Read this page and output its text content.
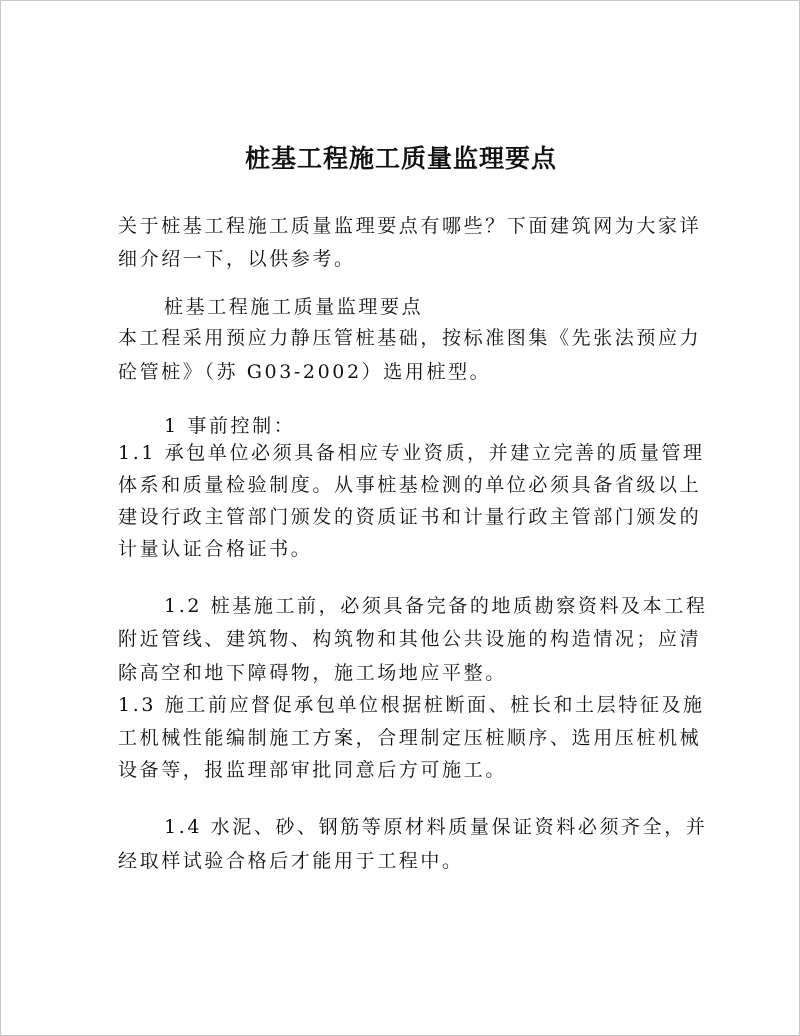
桩基工程施工质量监理要点
关于桩基工程施工质量监理要点有哪些？下面建筑网为大家详
细介绍一下，以供参考。
桩基工程施工质量监理要点
本工程采用预应力静压管桩基础，按标准图集《先张法预应力
砼管桩》（苏 G03-2002）选用桩型。
1 事前控制：
1.1 承包单位必须具备相应专业资质，并建立完善的质量管理
体系和质量检验制度。从事桩基检测的单位必须具备省级以上
建设行政主管部门颁发的资质证书和计量行政主管部门颁发的
计量认证合格证书。
1.2 桩基施工前，必须具备完备的地质勘察资料及本工程
附近管线、建筑物、构筑物和其他公共设施的构造情况；应清
除高空和地下障碍物，施工场地应平整。
1.3 施工前应督促承包单位根据桩断面、桩长和土层特征及施
工机械性能编制施工方案，合理制定压桩顺序、选用压桩机械
设备等，报监理部审批同意后方可施工。
1.4 水泥、砂、钢筋等原材料质量保证资料必须齐全，并
经取样试验合格后才能用于工程中。
